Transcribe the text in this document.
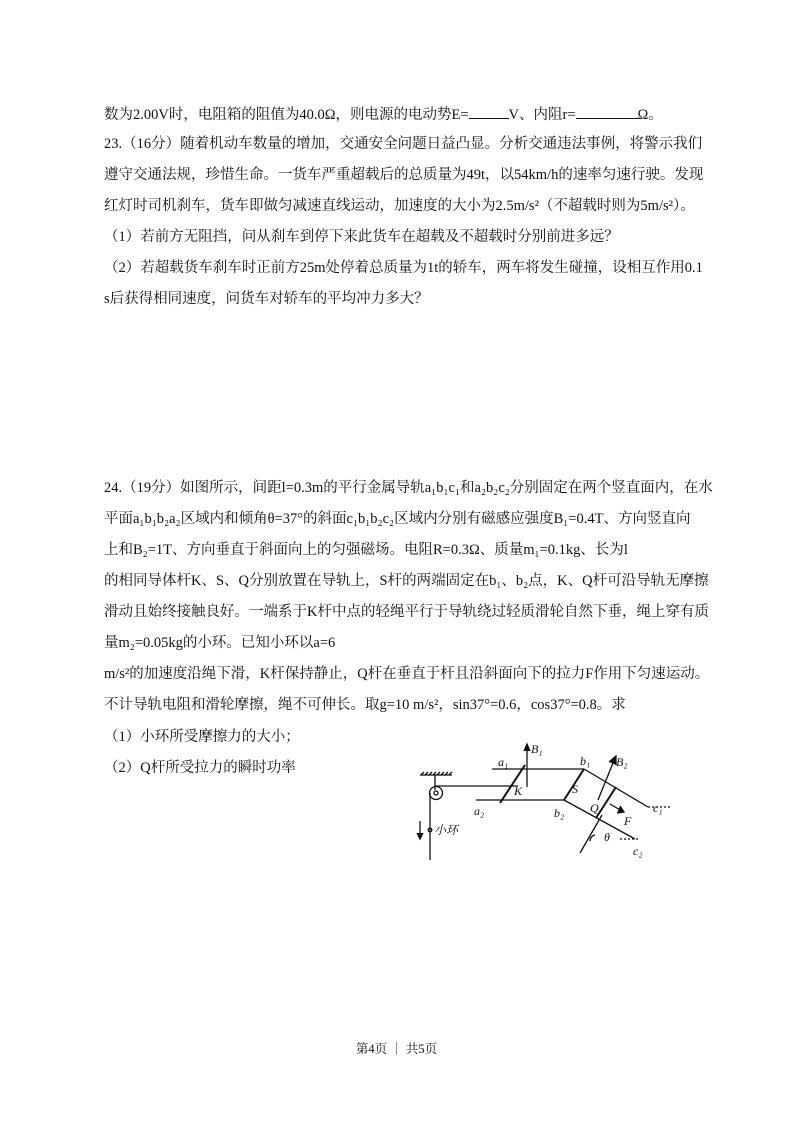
数为2.00V时，电阻箱的阻值为40.0Ω，则电源的电动势E=	V、内阻r=	Ω。
23.（16分）随着机动车数量的增加，交通安全问题日益凸显。分析交通违法事例，将警示我们
遵守交通法规，珍惜生命。一货车严重超载后的总质量为49t，以54km/h的速率匀速行驶。发现
红灯时司机刹车，货车即做匀减速直线运动，加速度的大小为2.5m/s²（不超载时则为5m/s²）。
（1）若前方无阻挡，问从刹车到停下来此货车在超载及不超载时分别前进多远？
（2）若超载货车刹车时正前方25m处停着总质量为1t的轿车，两车将发生碰撞，设相互作用0.1
s后获得相同速度，问货车对轿车的平均冲力多大？
24.（19分）如图所示，间距l=0.3m的平行金属导轨a₁b₁c₁和a₂b₂c₂分别固定在两个竖直面内，在水
平面a₁b₁b₂a₂区域内和倾角θ=37°的斜面c₁b₁b₂c₂区域内分别有磁感应强度B₁=0.4T、方向竖直向
上和B₂=1T、方向垂直于斜面向上的匀强磁场。电阻R=0.3Ω、质量m₁=0.1kg、长为l
的相同导体杆K、S、Q分别放置在导轨上，S杆的两端固定在b₁、b₂点，K、Q杆可沿导轨无摩擦
滑动且始终接触良好。一端系于K杆中点的轻绳平行于导轨绕过轻质滑轮自然下垂，绳上穿有质
量m₂=0.05kg的小环。已知小环以a=6
m/s²的加速度沿绳下滑，K杆保持静止，Q杆在垂直于杆且沿斜面向下的拉力F作用下匀速运动。
不计导轨电阻和滑轮摩擦，绳不可伸长。取g=10 m/s²，sin37°=0.6，cos37°=0.8。求
（1）小环所受摩擦力的大小；
（2）Q杆所受拉力的瞬时功率	a₁
a₂
b₁
b₂	c₁
c₂
B₁
B₂
K	S
Q
F
θ
小环
第4页 ｜ 共5页
